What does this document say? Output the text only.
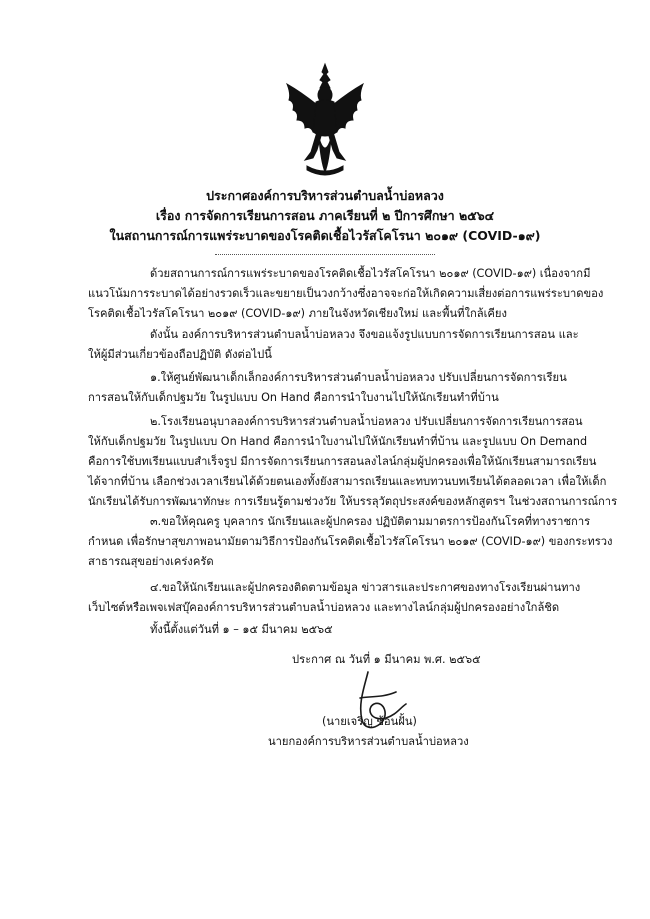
ประกาศองค์การบริหารส่วนตำบลน้ำบ่อหลวง
เรื่อง การจัดการเรียนการสอน ภาคเรียนที่ ๒ ปีการศึกษา ๒๕๖๔
ในสถานการณ์การแพร่ระบาดของโรคติดเชื้อไวรัสโคโรนา ๒๐๑๙ (COVID-๑๙)
ด้วยสถานการณ์การแพร่ระบาดของโรคติดเชื้อไวรัสโคโรนา ๒๐๑๙ (COVID-๑๙) เนื่องจากมี
แนวโน้มการระบาดได้อย่างรวดเร็วและขยายเป็นวงกว้างซึ่งอาจจะก่อให้เกิดความเสี่ยงต่อการแพร่ระบาดของ
โรคติดเชื้อไวรัสโคโรนา ๒๐๑๙ (COVID-๑๙) ภายในจังหวัดเชียงใหม่ และพื้นที่ใกล้เคียง
ดังนั้น องค์การบริหารส่วนตำบลน้ำบ่อหลวง จึงขอแจ้งรูปแบบการจัดการเรียนการสอน และ
ให้ผู้มีส่วนเกี่ยวข้องถือปฏิบัติ ดังต่อไปนี้
๑.ให้ศูนย์พัฒนาเด็กเล็กองค์การบริหารส่วนตำบลน้ำบ่อหลวง ปรับเปลี่ยนการจัดการเรียน
การสอนให้กับเด็กปฐมวัย ในรูปแบบ On Hand คือการนำใบงานไปให้นักเรียนทำที่บ้าน
๒.โรงเรียนอนุบาลองค์การบริหารส่วนตำบลน้ำบ่อหลวง ปรับเปลี่ยนการจัดการเรียนการสอน
ให้กับเด็กปฐมวัย ในรูปแบบ On Hand คือการนำใบงานไปให้นักเรียนทำที่บ้าน และรูปแบบ On Demand
คือการใช้บทเรียนแบบสำเร็จรูป มีการจัดการเรียนการสอนลงไลน์กลุ่มผู้ปกครองเพื่อให้นักเรียนสามารถเรียน
ได้จากที่บ้าน เลือกช่วงเวลาเรียนได้ด้วยตนเองทั้งยังสามารถเรียนและทบทวนบทเรียนได้ตลอดเวลา เพื่อให้เด็ก
นักเรียนได้รับการพัฒนาทักษะ การเรียนรู้ตามช่วงวัย ให้บรรลุวัตถุประสงค์ของหลักสูตรฯ ในช่วงสถานการณ์การ
๓.ขอให้คุณครู บุคลากร นักเรียนและผู้ปกครอง ปฏิบัติตามมาตรการป้องกันโรคที่ทางราชการ
กำหนด เพื่อรักษาสุขภาพอนามัยตามวิธีการป้องกันโรคติดเชื้อไวรัสโคโรนา ๒๐๑๙ (COVID-๑๙) ของกระทรวง
สาธารณสุขอย่างเคร่งครัด
๔.ขอให้นักเรียนและผู้ปกครองติดตามข้อมูล ข่าวสารและประกาศของทางโรงเรียนผ่านทาง
เว็บไซต์หรือเพจเฟสบุ๊คองค์การบริหารส่วนตำบลน้ำบ่อหลวง และทางไลน์กลุ่มผู้ปกครองอย่างใกล้ชิด
ทั้งนี้ตั้งแต่วันที่ ๑ – ๑๕ มีนาคม ๒๕๖๕
ประกาศ ณ วันที่ ๑ มีนาคม พ.ศ. ๒๕๖๕
(นายเจริญ ช้อนฝั้น)
นายกองค์การบริหารส่วนตำบลน้ำบ่อหลวง
